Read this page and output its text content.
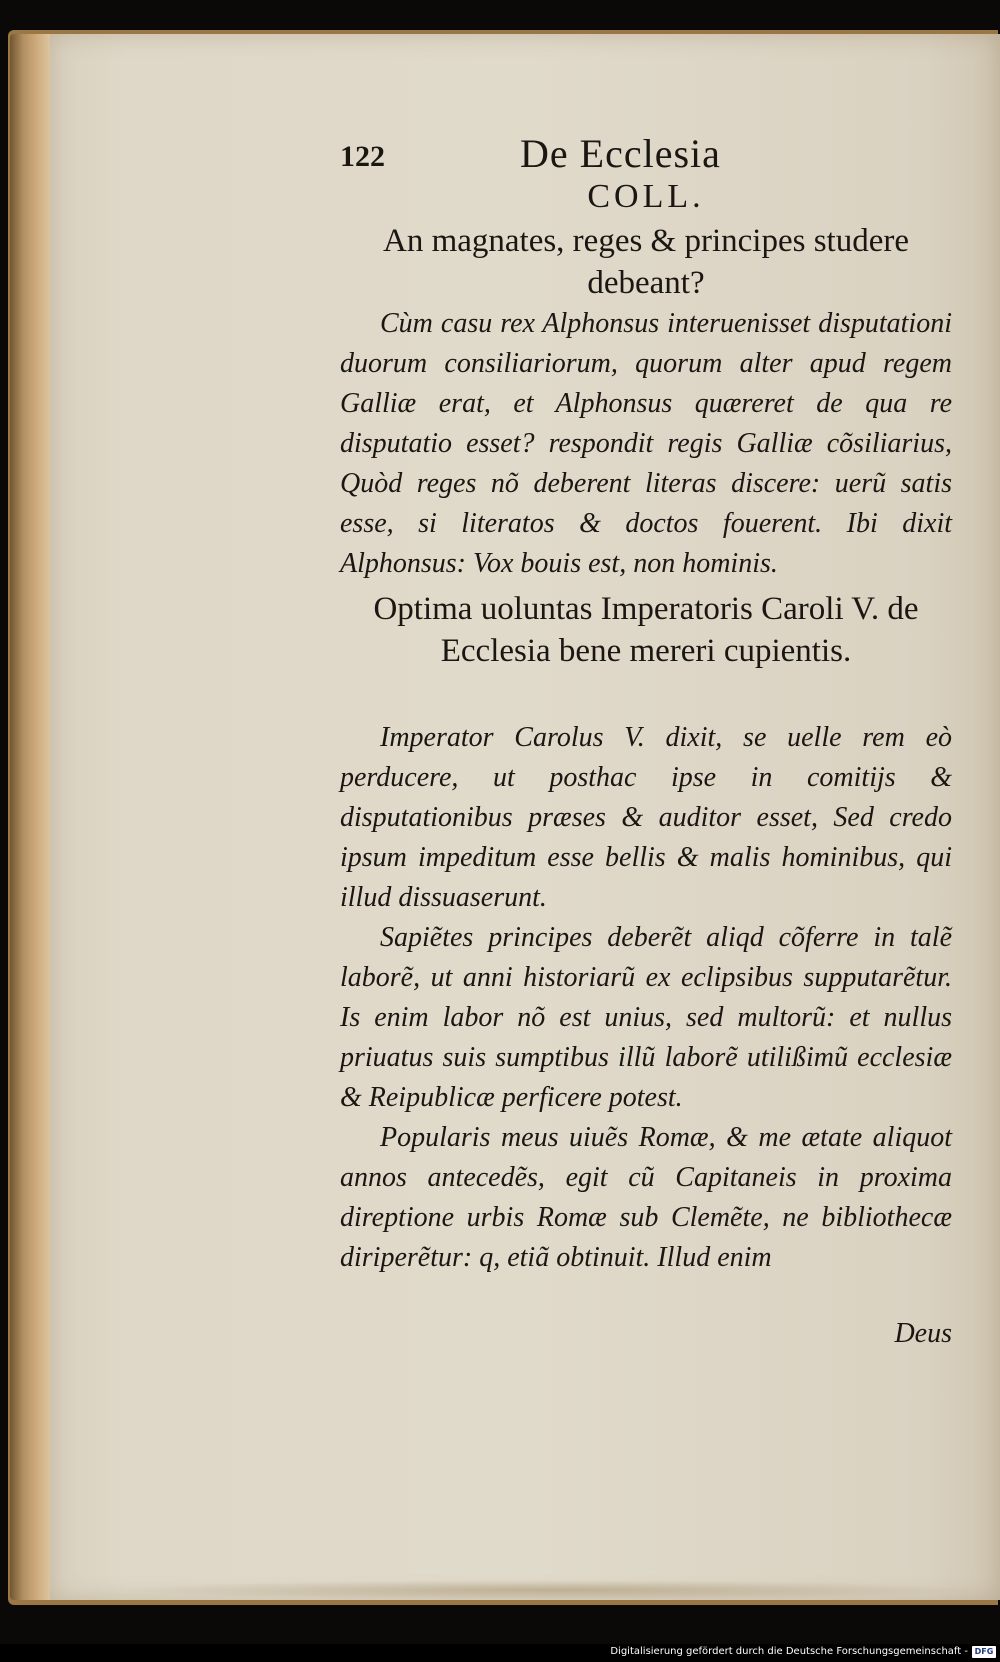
122	De Ecclesia
COLL.
An magnates, reges & principes studere debeant?

Cùm casu rex Alphonsus interuenisset disputationi duorum consiliariorum, quorum alter apud regem Galliæ erat, et Alphonsus quæreret de qua re disputatio esset? respondit regis Galliæ cõsiliarius, Quòd reges nõ deberent literas discere: uerũ satis esse, si literatos & doctos fouerent. Ibi dixit Alphonsus: Vox bouis est, non hominis.

Optima uoluntas Imperatoris Caroli V. de Ecclesia bene mereri cupientis.

Imperator Carolus V. dixit, se uelle rem eò perducere, ut posthac ipse in comitijs & disputationibus præses & auditor esset, Sed credo ipsum impeditum esse bellis & malis hominibus, qui illud dissuaserunt.

Sapiẽtes principes deberẽt aliqd cõferre in talẽ laborẽ, ut anni historiarũ ex eclipsibus supputarẽtur. Is enim labor nõ est unius, sed multorũ: et nullus priuatus suis sumptibus illũ laborẽ utilißimũ ecclesiæ & Reipublicæ perficere potest.

Popularis meus uiuẽs Romæ, & me ætate aliquot annos antecedẽs, egit cũ Capitaneis in proxima direptione urbis Romæ sub Clemẽte, ne bibliothecæ diriperẽtur: q, etiã obtinuit. Illud enim

Deus
Digitalisierung gefördert durch die Deutsche Forschungsgemeinschaft - DFG
